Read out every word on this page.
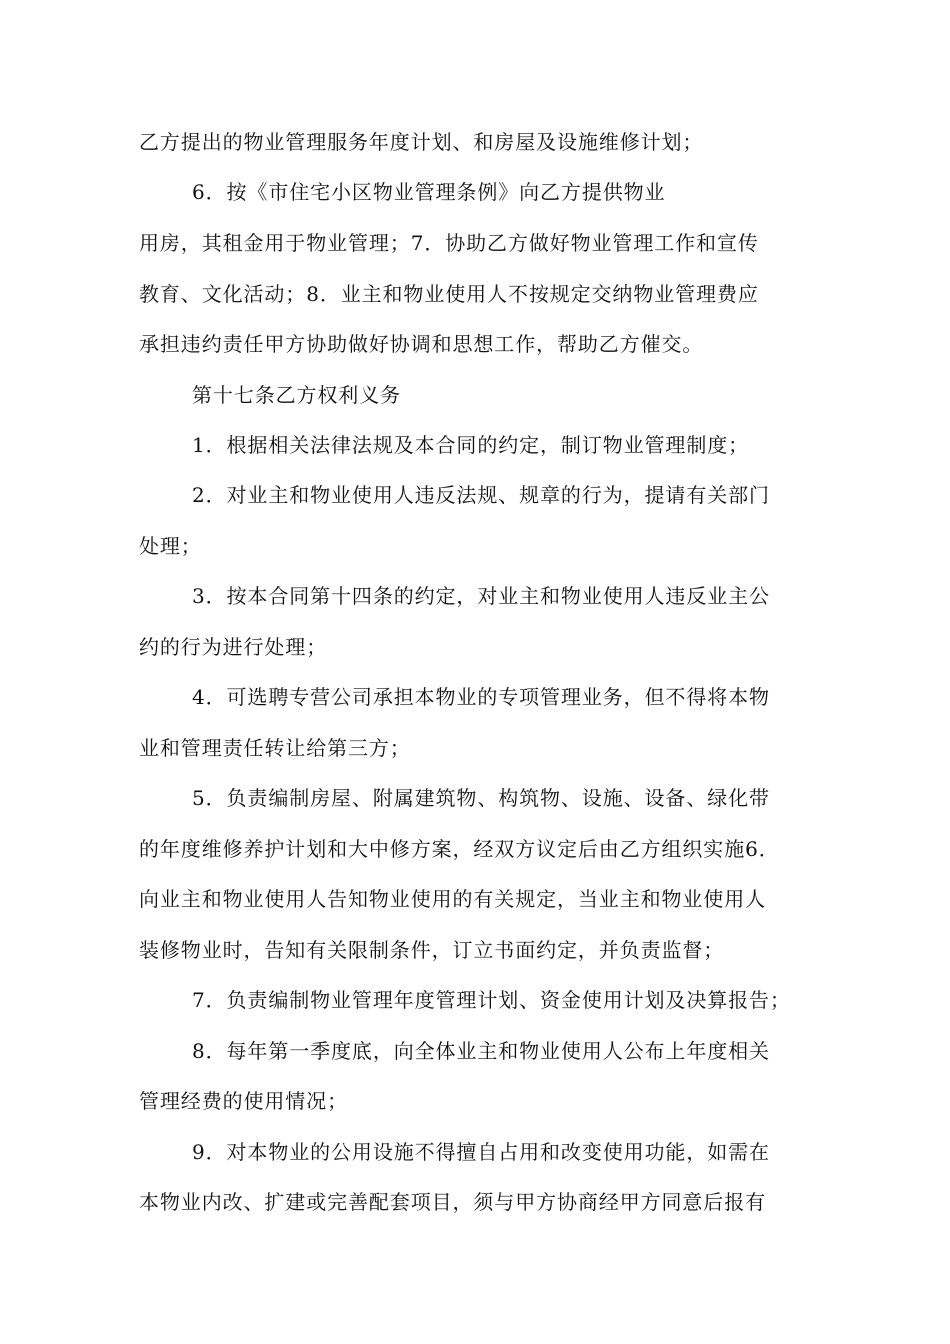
乙方提出的物业管理服务年度计划、和房屋及设施维修计划；
6．按《市住宅小区物业管理条例》向乙方提供物业
用房，其租金用于物业管理；7．协助乙方做好物业管理工作和宣传
教育、文化活动；8．业主和物业使用人不按规定交纳物业管理费应
承担违约责任甲方协助做好协调和思想工作，帮助乙方催交。
第十七条乙方权利义务
1．根据相关法律法规及本合同的约定，制订物业管理制度；
2．对业主和物业使用人违反法规、规章的行为，提请有关部门
处理；
3．按本合同第十四条的约定，对业主和物业使用人违反业主公
约的行为进行处理；
4．可选聘专营公司承担本物业的专项管理业务，但不得将本物
业和管理责任转让给第三方；
5．负责编制房屋、附属建筑物、构筑物、设施、设备、绿化带
的年度维修养护计划和大中修方案，经双方议定后由乙方组织实施6．
向业主和物业使用人告知物业使用的有关规定，当业主和物业使用人
装修物业时，告知有关限制条件，订立书面约定，并负责监督；
7．负责编制物业管理年度管理计划、资金使用计划及决算报告；
8．每年第一季度底，向全体业主和物业使用人公布上年度相关
管理经费的使用情况；
9．对本物业的公用设施不得擅自占用和改变使用功能，如需在
本物业内改、扩建或完善配套项目，须与甲方协商经甲方同意后报有
